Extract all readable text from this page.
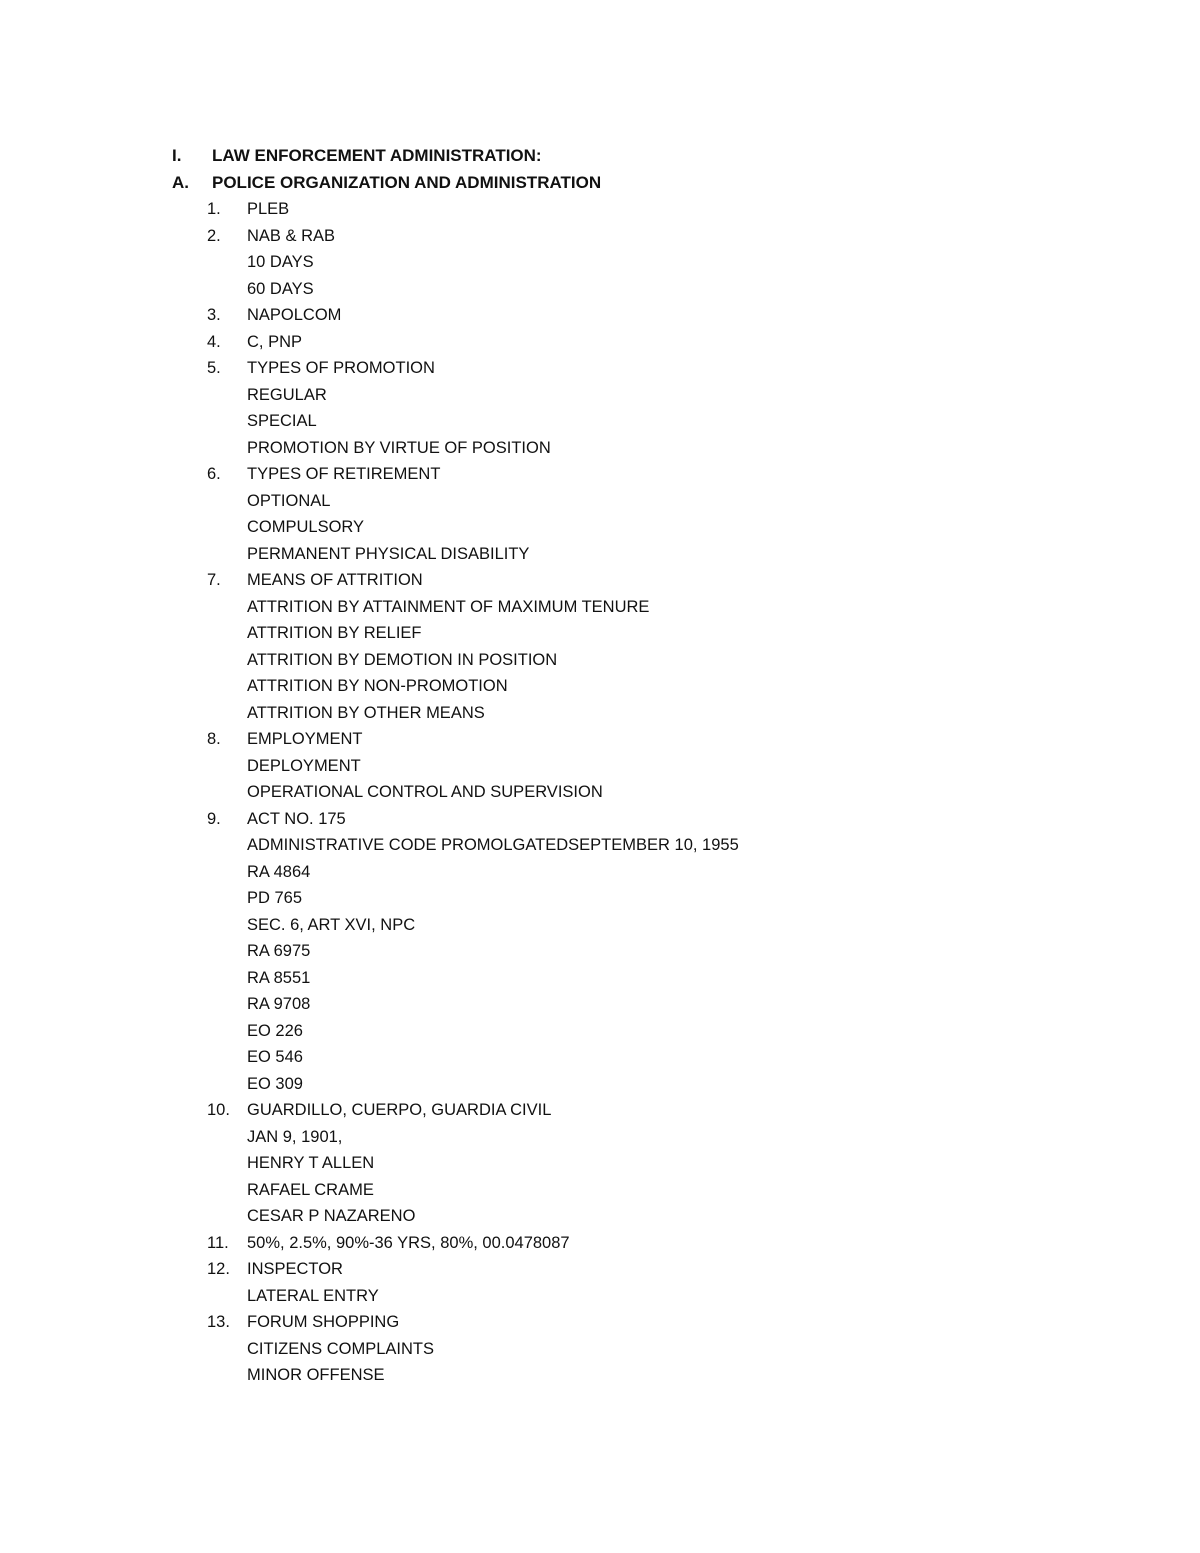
I.	LAW ENFORCEMENT ADMINISTRATION:
A.	POLICE ORGANIZATION AND ADMINISTRATION
1.	PLEB
2.	NAB & RAB
10 DAYS
60 DAYS
3.	NAPOLCOM
4.	C, PNP
5.	TYPES OF PROMOTION
REGULAR
SPECIAL
PROMOTION BY VIRTUE OF POSITION
6.	TYPES OF RETIREMENT
OPTIONAL
COMPULSORY
PERMANENT PHYSICAL DISABILITY
7.	MEANS OF ATTRITION
ATTRITION BY ATTAINMENT OF MAXIMUM TENURE
ATTRITION BY RELIEF
ATTRITION BY DEMOTION IN POSITION
ATTRITION BY NON-PROMOTION
ATTRITION BY OTHER MEANS
8.	EMPLOYMENT
DEPLOYMENT
OPERATIONAL CONTROL AND SUPERVISION
9.	ACT NO. 175
ADMINISTRATIVE CODE PROMOLGATEDSEPTEMBER 10, 1955
RA 4864
PD 765
SEC. 6, ART XVI, NPC
RA 6975
RA 8551
RA 9708
EO 226
EO 546
EO 309
10.	GUARDILLO, CUERPO, GUARDIA CIVIL
JAN 9, 1901,
HENRY T ALLEN
RAFAEL CRAME
CESAR P NAZARENO
11.	50%, 2.5%, 90%-36 YRS, 80%, 00.0478087
12.	INSPECTOR
LATERAL ENTRY
13.	FORUM SHOPPING
CITIZENS COMPLAINTS
MINOR OFFENSE
